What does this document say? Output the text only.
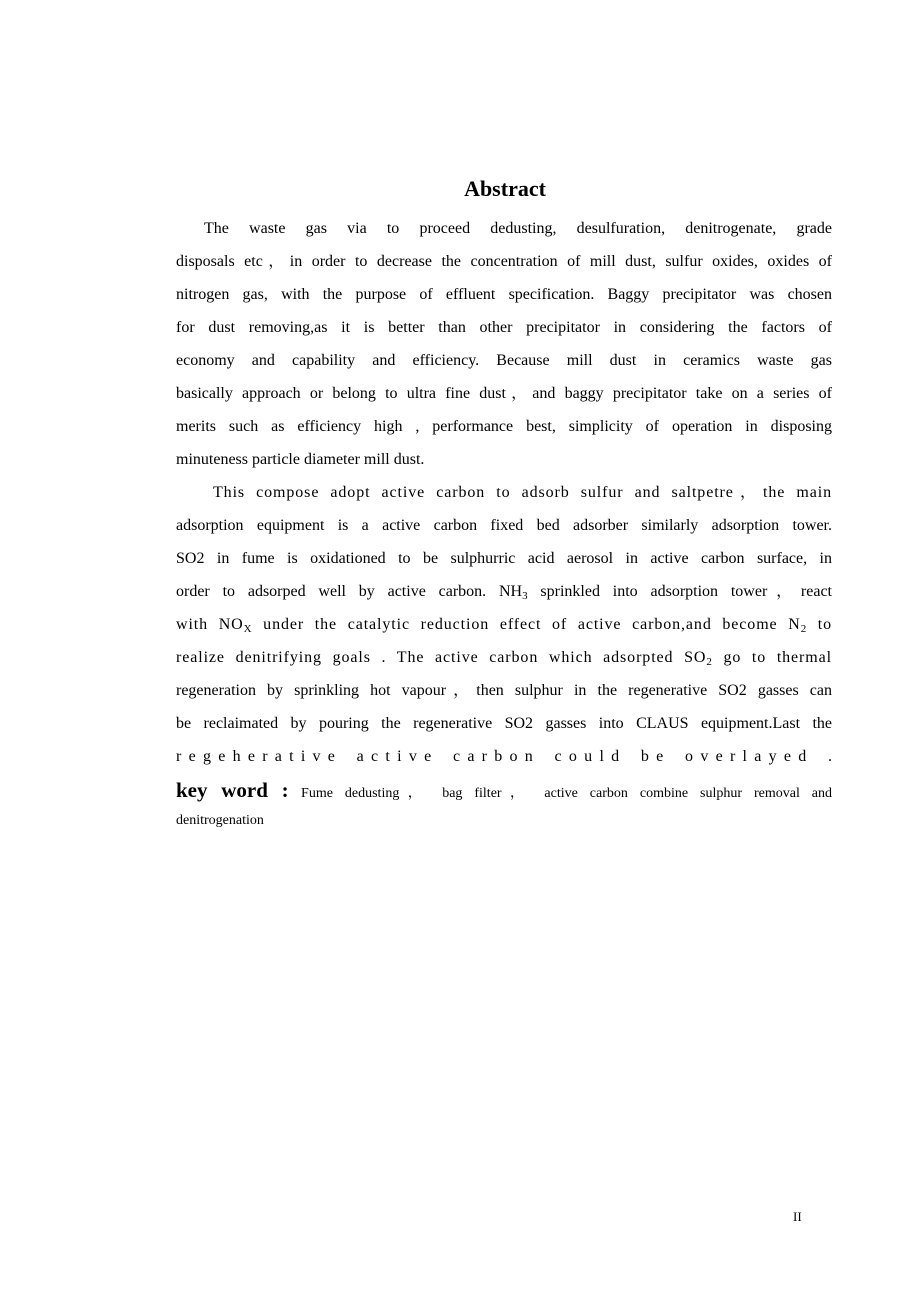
Abstract
The waste gas via to proceed dedusting, desulfuration, denitrogenate, grade
disposals etc，in order to decrease the concentration of mill dust, sulfur oxides, oxides of
nitrogen gas, with the purpose of effluent specification. Baggy precipitator was chosen
for dust removing,as it is better than other precipitator in considering the factors of
economy and capability and efficiency. Because mill dust in ceramics waste gas
basically approach or belong to ultra fine dust，and baggy precipitator take on a series of
merits such as efficiency high , performance best, simplicity of operation in disposing
minuteness particle diameter mill dust.
This compose adopt active carbon to adsorb sulfur and saltpetre，the main
adsorption equipment is a active carbon fixed bed adsorber similarly adsorption tower.
SO2 in fume is oxidationed to be sulphurric acid aerosol in active carbon surface, in
order to adsorped well by active carbon. $NH_3$ sprinkled into adsorption tower，react
with $NO_X$ under the catalytic reduction effect of active carbon,and become $N_2$ to
realize denitrifying goals . The active carbon which adsorpted $SO_2$ go to thermal
regeneration by sprinkling hot vapour，then sulphur in the regenerative SO2 gasses can
be reclaimated by pouring the regenerative SO2 gasses into CLAUS equipment.Last the
r e g e h e r a t i v e   a c t i v e   c a r b o n   c o u l d   b e   o v e r l a y e d   .
key word : Fume dedusting， bag filter， active carbon combine sulphur removal and
denitrogenation
II
